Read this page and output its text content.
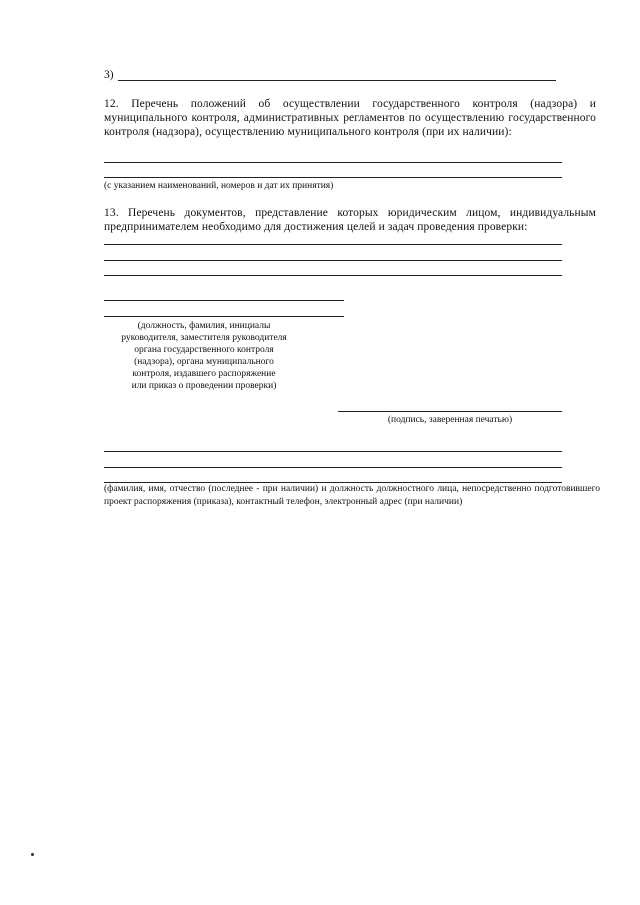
3)
12. Перечень положений об осуществлении государственного контроля (надзора) и муниципального контроля, административных регламентов по осуществлению государственного контроля (надзора), осуществлению муниципального контроля (при их наличии):
(с указанием наименований, номеров и дат их принятия)
13. Перечень документов, представление которых юридическим лицом, индивидуальным предпринимателем необходимо для достижения целей и задач проведения проверки:
(должность, фамилия, инициалы
руководителя, заместителя руководителя
органа государственного контроля
(надзора), органа муниципального
контроля, издавшего распоряжение
или приказ о проведении проверки)
(подпись, заверенная печатью)
(фамилия, имя, отчество (последнее - при наличии) и должность должностного лица, непосредственно подготовившего проект распоряжения (приказа), контактный телефон, электронный адрес (при наличии)
